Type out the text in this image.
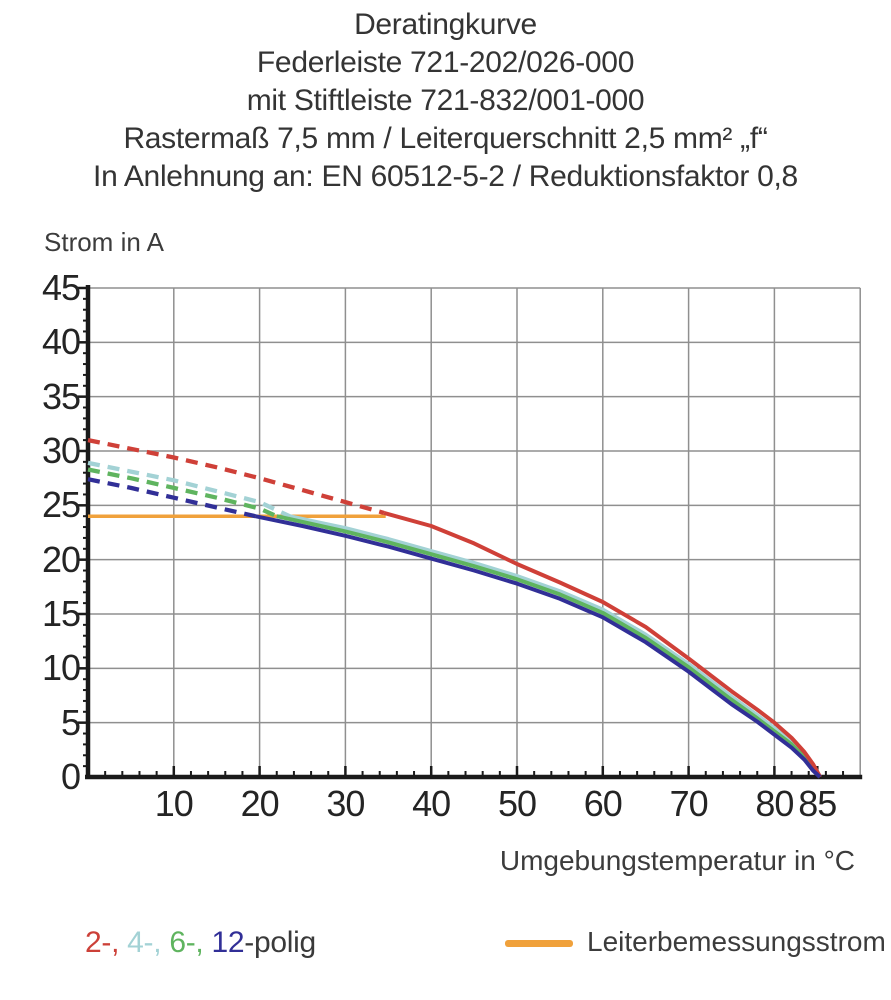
Deratingkurve
Federleiste 721-202/026-000
mit Stiftleiste 721-832/001-000
Rastermaß 7,5 mm / Leiterquerschnitt 2,5 mm² „f“
In Anlehnung an: EN 60512-5-2 / Reduktionsfaktor 0,8
Strom in A
0
5
10
15
20
25
30
35
40
45
10	20	30	40	50	60	70	80 85
Umgebungstemperatur in °C
2-, 4-, 6-, 12-polig	Leiterbemessungsstrom
